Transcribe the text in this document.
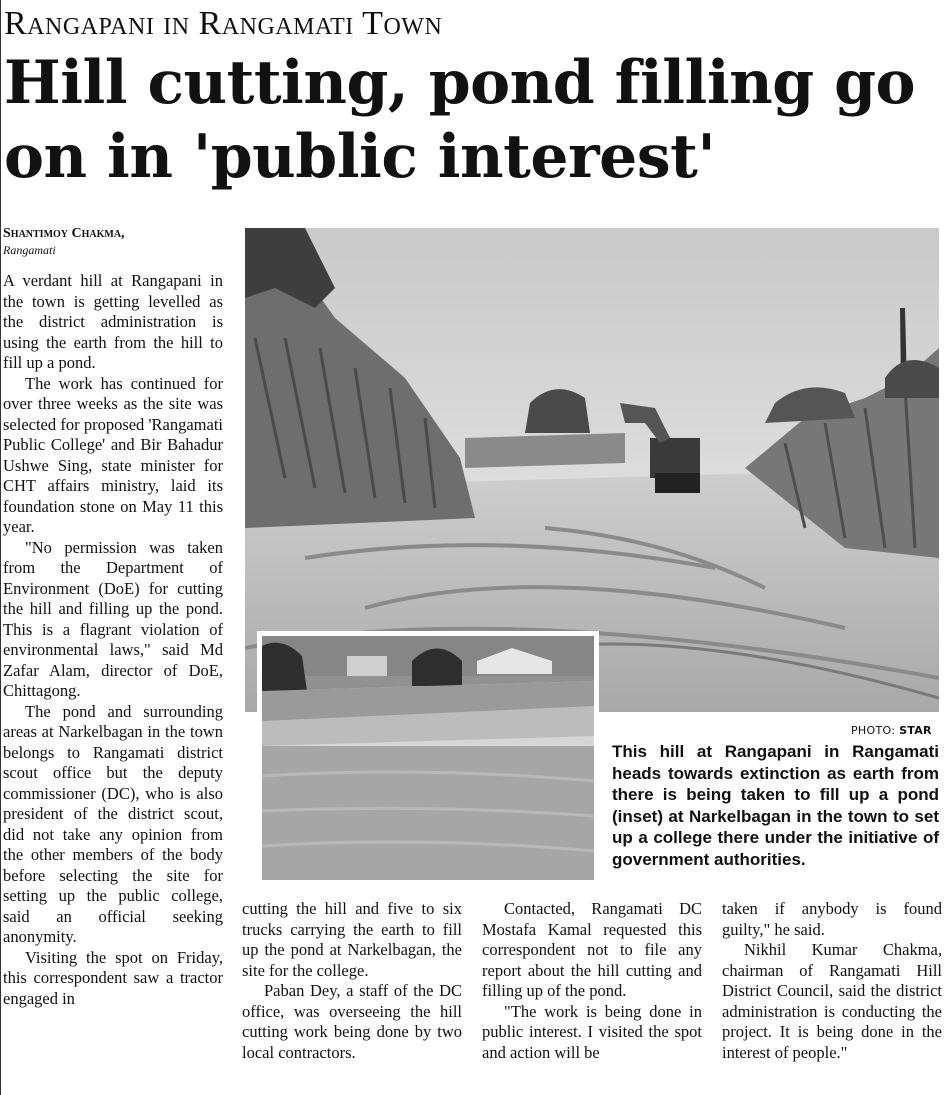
Rangapani in Rangamati Town
Hill cutting, pond filling go on in 'public interest'
Shantimoy Chakma,
Rangamati

A verdant hill at Rangapani in the town is getting levelled as the district administration is using the earth from the hill to fill up a pond.

The work has continued for over three weeks as the site was selected for proposed 'Rangamati Public College' and Bir Bahadur Ushwe Sing, state minister for CHT affairs ministry, laid its foundation stone on May 11 this year.

"No permission was taken from the Department of Environment (DoE) for cutting the hill and filling up the pond. This is a flagrant violation of environmental laws," said Md Zafar Alam, director of DoE, Chittagong.

The pond and surrounding areas at Narkelbagan in the town belongs to Rangamati district scout office but the deputy commissioner (DC), who is also president of the district scout, did not take any opinion from the other members of the body before selecting the site for setting up the public college, said an official seeking anonymity.

Visiting the spot on Friday, this correspondent saw a tractor engaged in

PHOTO: STAR
This hill at Rangapani in Rangamati heads towards extinction as earth from there is being taken to fill up a pond (inset) at Narkelbagan in the town to set up a college there under the initiative of government authorities.

cutting the hill and five to six trucks carrying the earth to fill up the pond at Narkelbagan, the site for the college.

Paban Dey, a staff of the DC office, was overseeing the hill cutting work being done by two local contractors.

Contacted, Rangamati DC Mostafa Kamal requested this correspondent not to file any report about the hill cutting and filling up of the pond.

"The work is being done in public interest. I visited the spot and action will be

taken if anybody is found guilty," he said.

Nikhil Kumar Chakma, chairman of Rangamati Hill District Council, said the district administration is conducting the project. It is being done in the interest of people."
